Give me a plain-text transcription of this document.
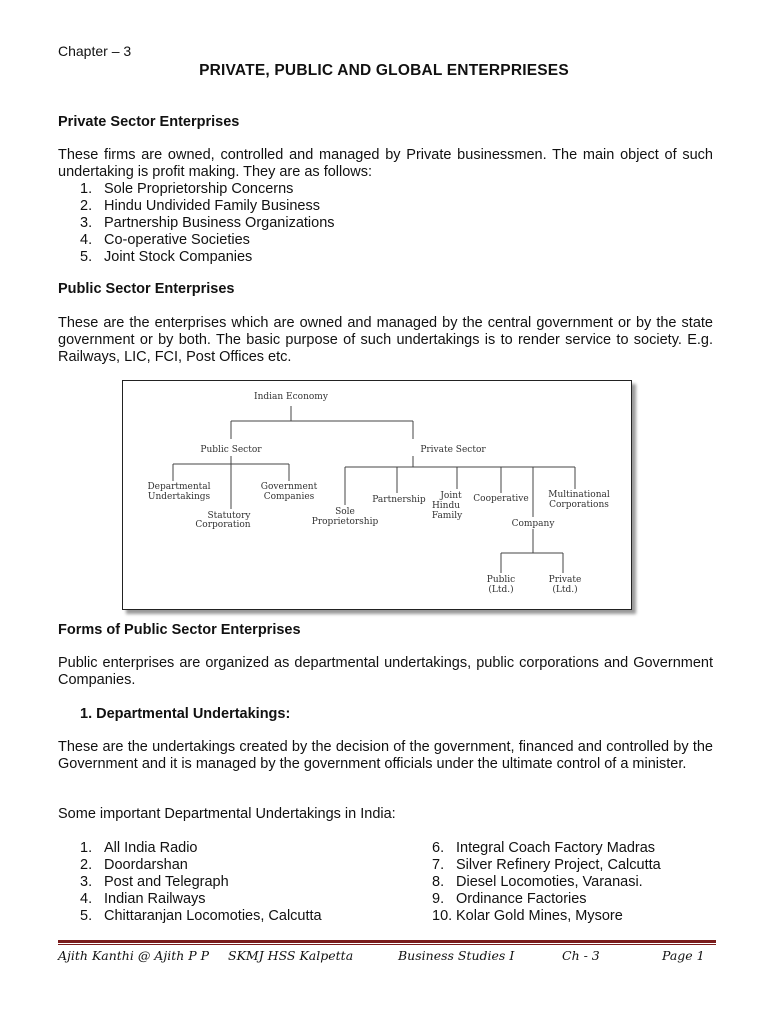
Chapter – 3
PRIVATE, PUBLIC AND GLOBAL ENTERPRIESES
Private Sector Enterprises
These firms are owned, controlled and managed by Private businessmen. The main object of such undertaking is profit making. They are as follows:
1. Sole Proprietorship Concerns
2. Hindu Undivided Family Business
3. Partnership Business Organizations
4. Co-operative Societies
5. Joint Stock Companies
Public Sector Enterprises
These are the enterprises which are owned and managed by the central government or by the state government or by both. The basic purpose of such undertakings is to render service to society. E.g. Railways, LIC, FCI, Post Offices etc.
Indian Economy
Public Sector	Private Sector
Departmental
Undertakings
Statutory
Corporation
Government
Companies
Sole
Proprietorship
Partnership Joint
Hindu
Family
Cooperative Multinational
Corporations
Company
Public
(Ltd.)
Private
(Ltd.)
Forms of Public Sector Enterprises
Public enterprises are organized as departmental undertakings, public corporations and Government Companies.
1. Departmental Undertakings:
These are the undertakings created by the decision of the government, financed and controlled by the Government and it is managed by the government officials under the ultimate control of a minister.
Some important Departmental Undertakings in India:
1. All India Radio
2. Doordarshan
3. Post and Telegraph
4. Indian Railways
5. Chittaranjan Locomoties, Calcutta
6. Integral Coach Factory Madras
7. Silver Refinery Project, Calcutta
8. Diesel Locomoties, Varanasi.
9. Ordinance Factories
10. Kolar Gold Mines, Mysore
Ajith Kanthi @ Ajith P P SKMJ HSS Kalpetta	Business Studies I	Ch - 3	Page 1
